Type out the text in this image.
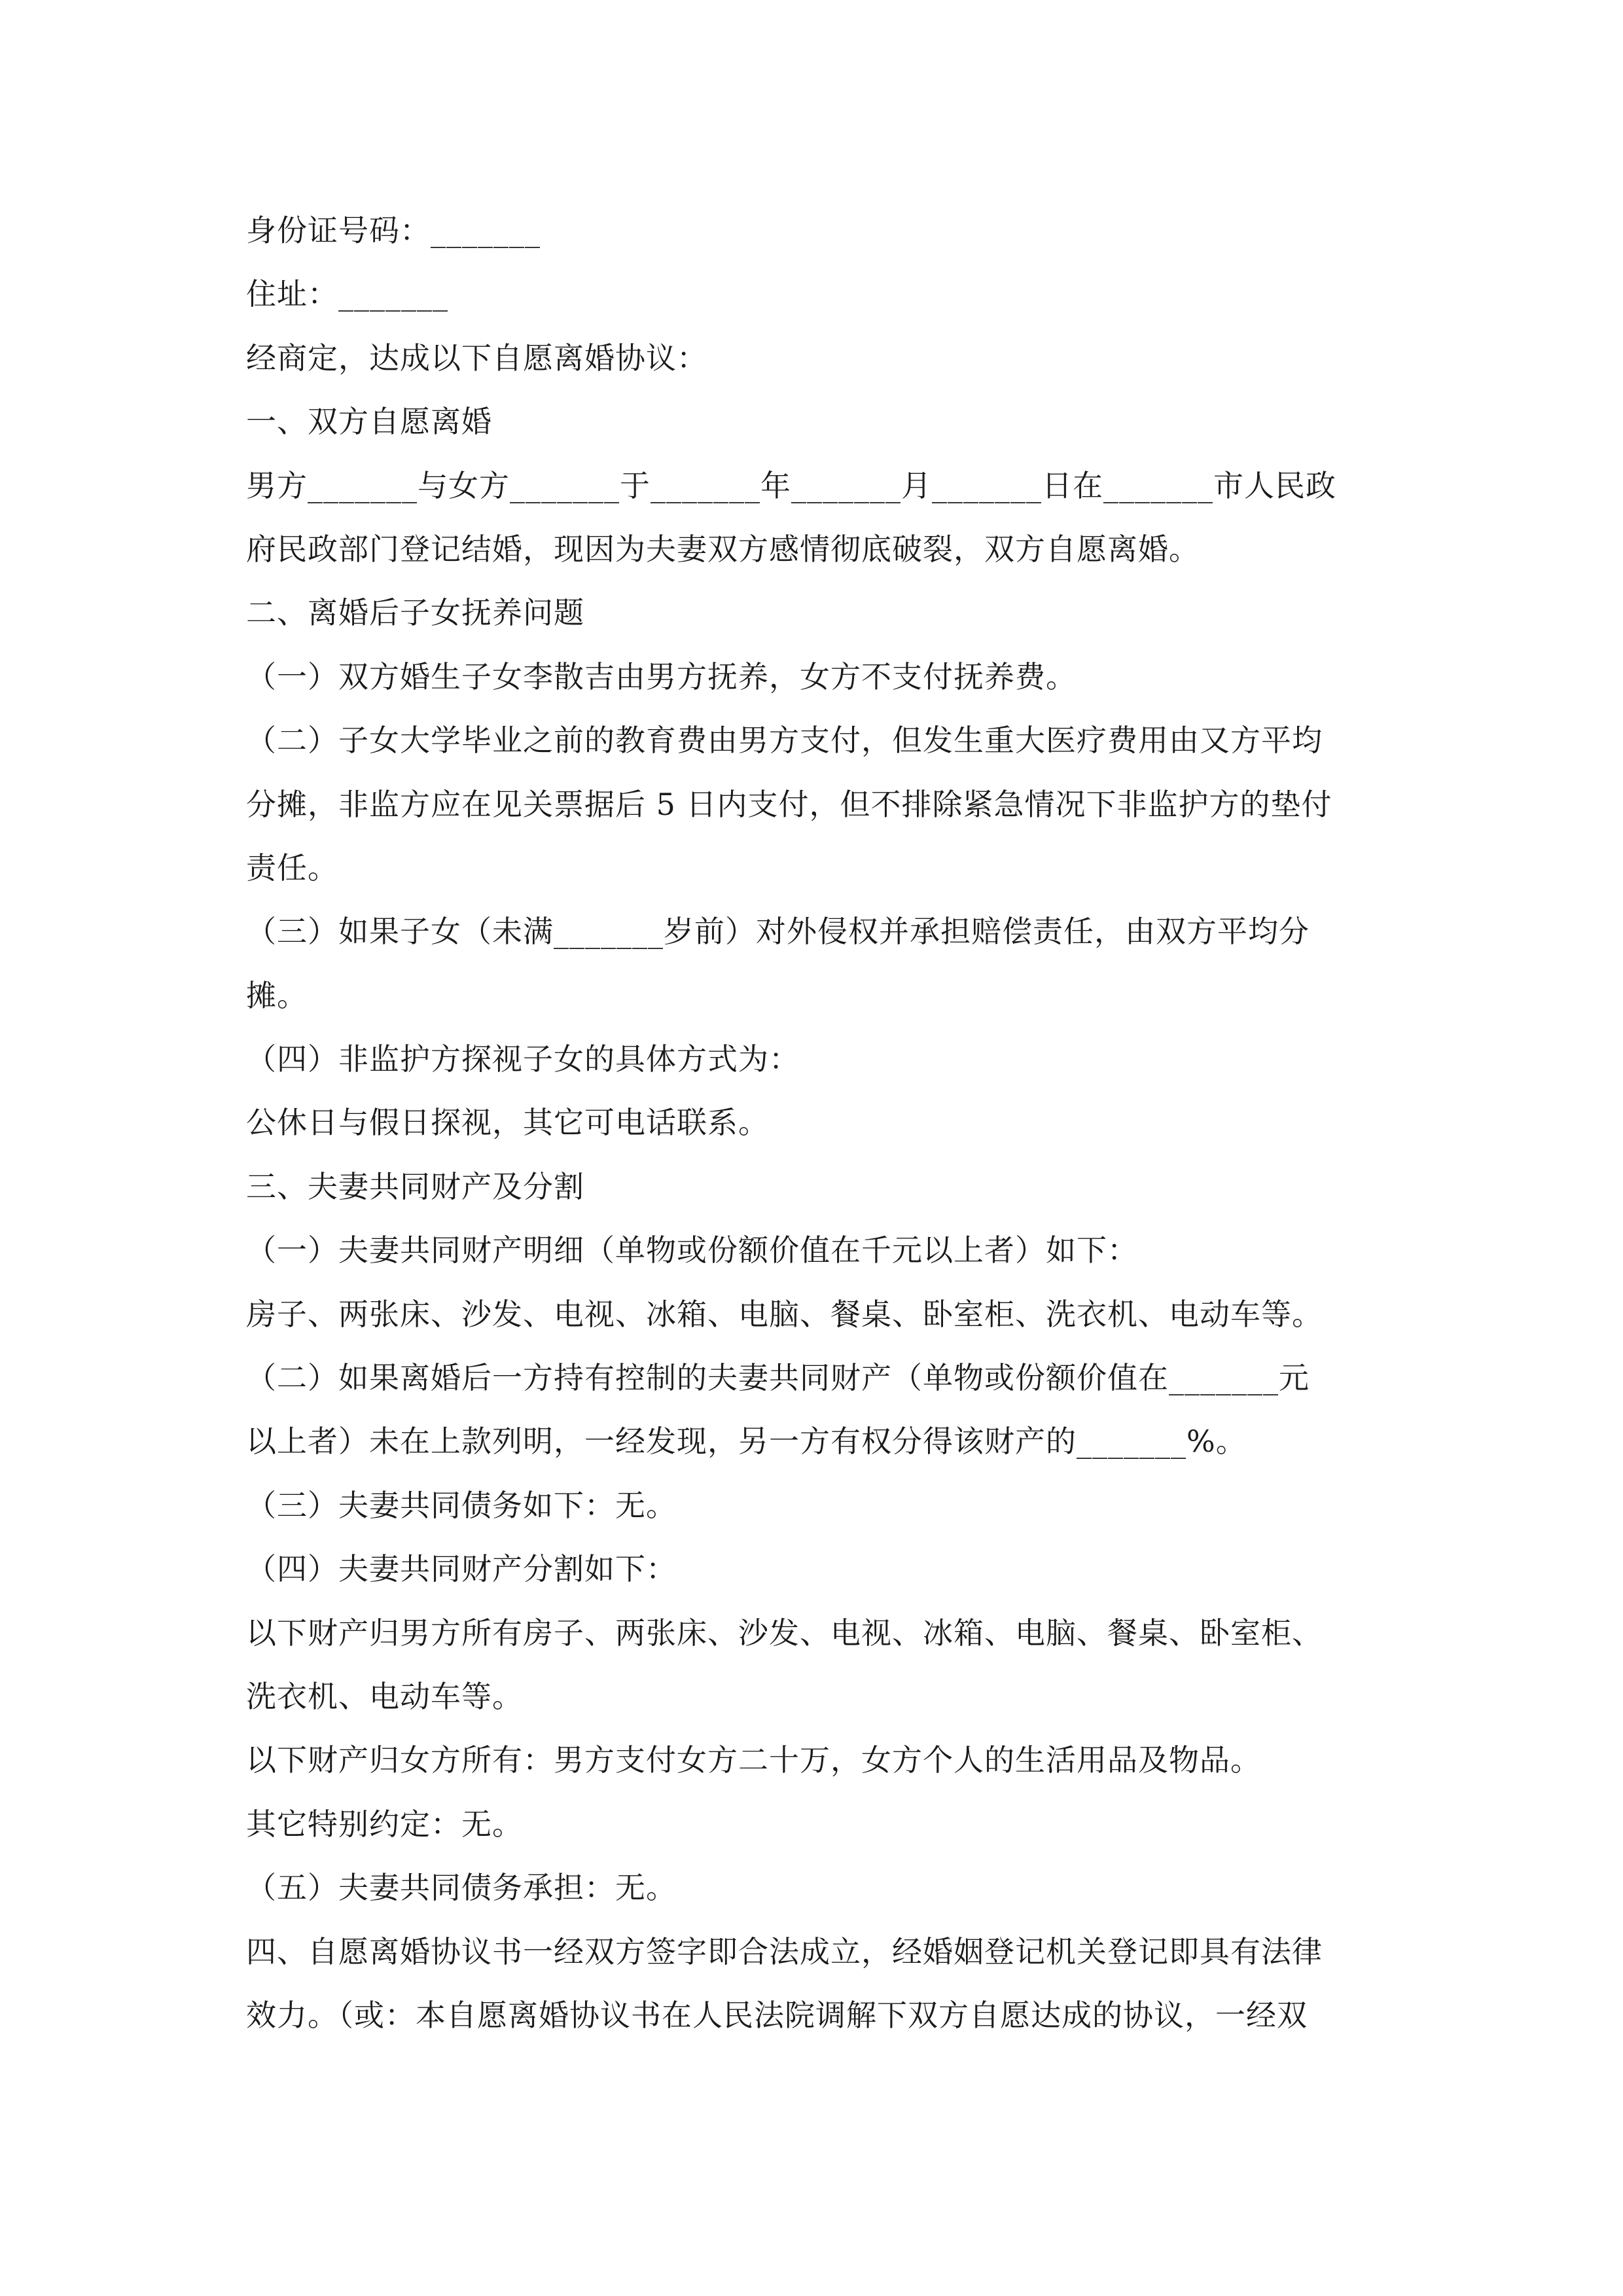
身份证号码：_______
住址：_______
经商定，达成以下自愿离婚协议：
一、双方自愿离婚
男方_______与女方_______于_______年_______月_______日在_______市人民政
府民政部门登记结婚，现因为夫妻双方感情彻底破裂，双方自愿离婚。
二、离婚后子女抚养问题
（一）双方婚生子女李散吉由男方抚养，女方不支付抚养费。
（二）子女大学毕业之前的教育费由男方支付，但发生重大医疗费用由又方平均
分摊，非监方应在见关票据后 5 日内支付，但不排除紧急情况下非监护方的垫付
责任。
（三）如果子女（未满_______岁前）对外侵权并承担赔偿责任，由双方平均分
摊。
（四）非监护方探视子女的具体方式为：
公休日与假日探视，其它可电话联系。
三、夫妻共同财产及分割
（一）夫妻共同财产明细（单物或份额价值在千元以上者）如下：
房子、两张床、沙发、电视、冰箱、电脑、餐桌、卧室柜、洗衣机、电动车等。
（二）如果离婚后一方持有控制的夫妻共同财产（单物或份额价值在_______元
以上者）未在上款列明，一经发现，另一方有权分得该财产的_______%。
（三）夫妻共同债务如下：无。
（四）夫妻共同财产分割如下：
以下财产归男方所有房子、两张床、沙发、电视、冰箱、电脑、餐桌、卧室柜、
洗衣机、电动车等。
以下财产归女方所有：男方支付女方二十万，女方个人的生活用品及物品。
其它特别约定：无。
（五）夫妻共同债务承担：无。
四、自愿离婚协议书一经双方签字即合法成立，经婚姻登记机关登记即具有法律
效力。（或：本自愿离婚协议书在人民法院调解下双方自愿达成的协议，一经双
